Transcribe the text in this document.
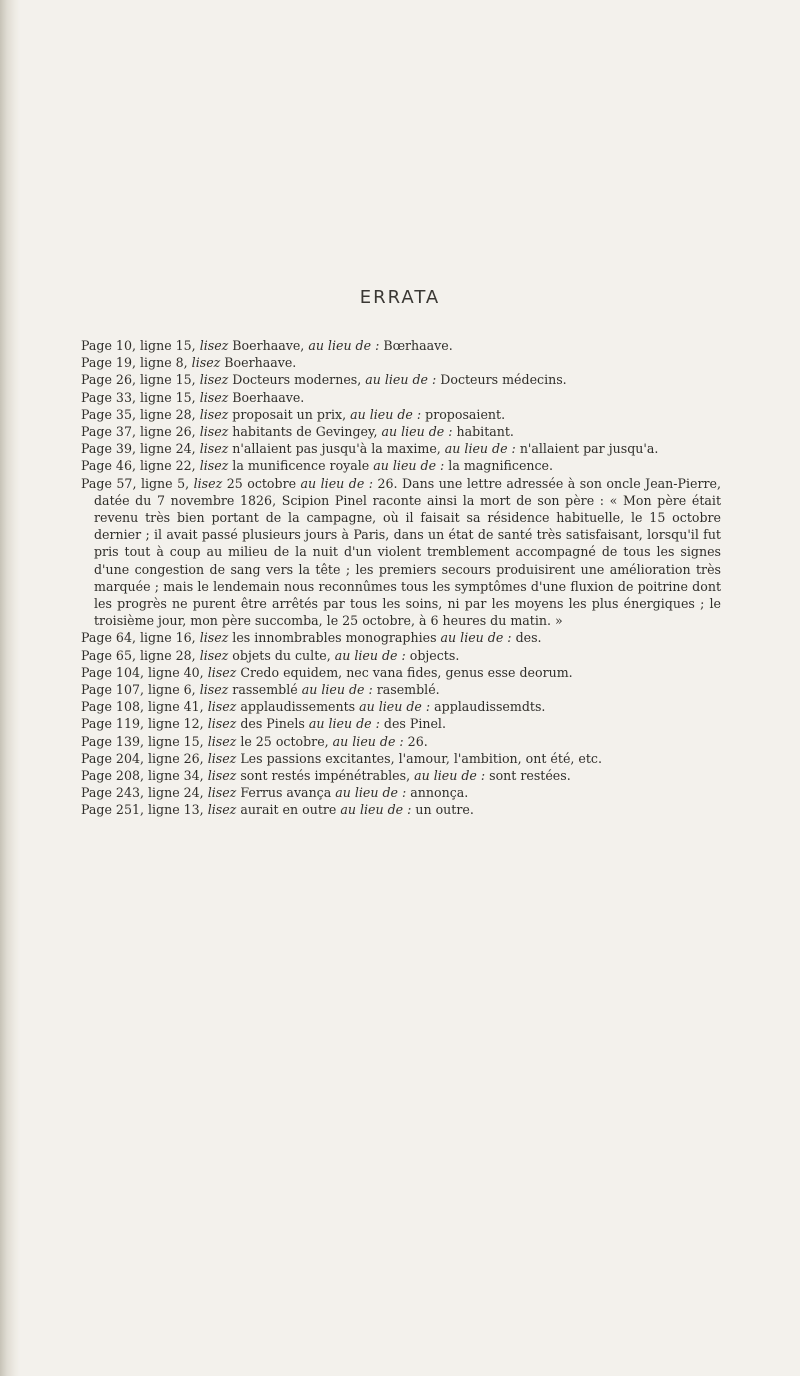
ERRATA
Page 10, ligne 15, lisez Boerhaave, au lieu de : Bœrhaave.
Page 19, ligne 8, lisez Boerhaave.
Page 26, ligne 15, lisez Docteurs modernes, au lieu de : Docteurs médecins.
Page 33, ligne 15, lisez Boerhaave.
Page 35, ligne 28, lisez proposait un prix, au lieu de : proposaient.
Page 37, ligne 26, lisez habitants de Gevingey, au lieu de : habitant.
Page 39, ligne 24, lisez n'allaient pas jusqu'à la maxime, au lieu de : n'allaient par jusqu'a.
Page 46, ligne 22, lisez la munificence royale au lieu de : la magnificence.
Page 57, ligne 5, lisez 25 octobre au lieu de : 26. Dans une lettre adressée à son oncle Jean-Pierre, datée du 7 novembre 1826, Scipion Pinel raconte ainsi la mort de son père : « Mon père était revenu très bien portant de la campagne, où il faisait sa résidence habituelle, le 15 octobre dernier ; il avait passé plusieurs jours à Paris, dans un état de santé très satisfaisant, lorsqu'il fut pris tout à coup au milieu de la nuit d'un violent tremblement accompagné de tous les signes d'une congestion de sang vers la tête ; les premiers secours produisirent une amélioration très marquée ; mais le lendemain nous reconnûmes tous les symptômes d'une fluxion de poitrine dont les progrès ne purent être arrêtés par tous les soins, ni par les moyens les plus énergiques ; le troisième jour, mon père succomba, le 25 octobre, à 6 heures du matin. »
Page 64, ligne 16, lisez les innombrables monographies au lieu de : des.
Page 65, ligne 28, lisez objets du culte, au lieu de : objects.
Page 104, ligne 40, lisez Credo equidem, nec vana fides, genus esse deorum.
Page 107, ligne 6, lisez rassemblé au lieu de : rasemblé.
Page 108, ligne 41, lisez applaudissements au lieu de : applaudissemdts.
Page 119, ligne 12, lisez des Pinels au lieu de : des Pinel.
Page 139, ligne 15, lisez le 25 octobre, au lieu de : 26.
Page 204, ligne 26, lisez Les passions excitantes, l'amour, l'ambition, ont été, etc.
Page 208, ligne 34, lisez sont restés impénétrables, au lieu de : sont restées.
Page 243, ligne 24, lisez Ferrus avança au lieu de : annonça.
Page 251, ligne 13, lisez aurait en outre au lieu de : un outre.
